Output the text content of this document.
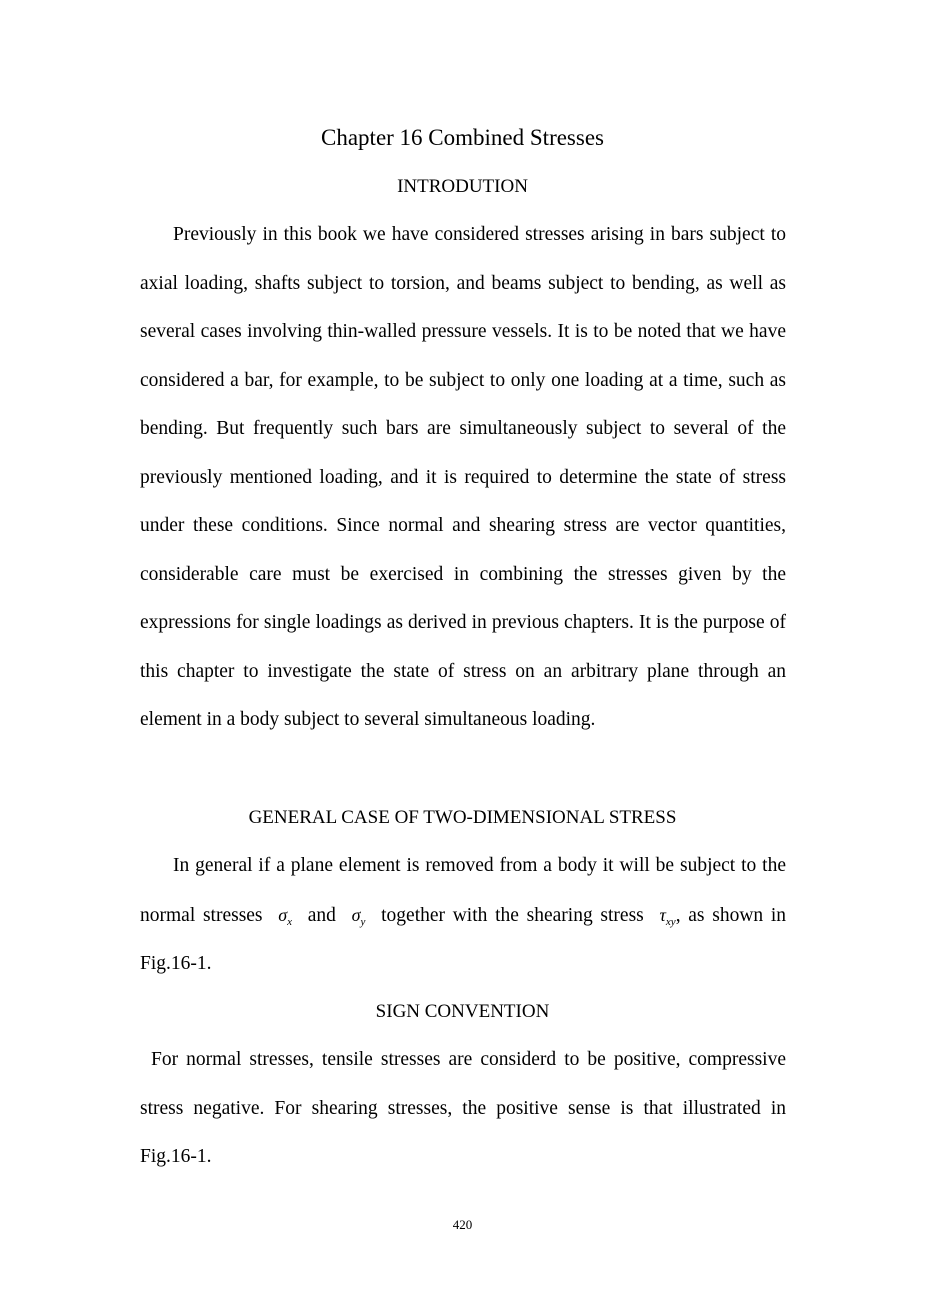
Chapter 16 Combined Stresses
INTRODUTION
Previously in this book we have considered stresses arising in bars subject to axial loading, shafts subject to torsion, and beams subject to bending, as well as several cases involving thin-walled pressure vessels. It is to be noted that we have considered a bar, for example, to be subject to only one loading at a time, such as bending. But frequently such bars are simultaneously subject to several of the previously mentioned loading, and it is required to determine the state of stress under these conditions. Since normal and shearing stress are vector quantities, considerable care must be exercised in combining the stresses given by the expressions for single loadings as derived in previous chapters. It is the purpose of this chapter to investigate the state of stress on an arbitrary plane through an element in a body subject to several simultaneous loading.
GENERAL CASE OF TWO-DIMENSIONAL STRESS
In general if a plane element is removed from a body it will be subject to the normal stresses $\sigma_x$ and $\sigma_y$ together with the shearing stress $\tau_{xy}$, as shown in Fig.16-1.
SIGN CONVENTION
For normal stresses, tensile stresses are considerd to be positive, compressive stress negative. For shearing stresses, the positive sense is that illustrated in Fig.16-1.
420
